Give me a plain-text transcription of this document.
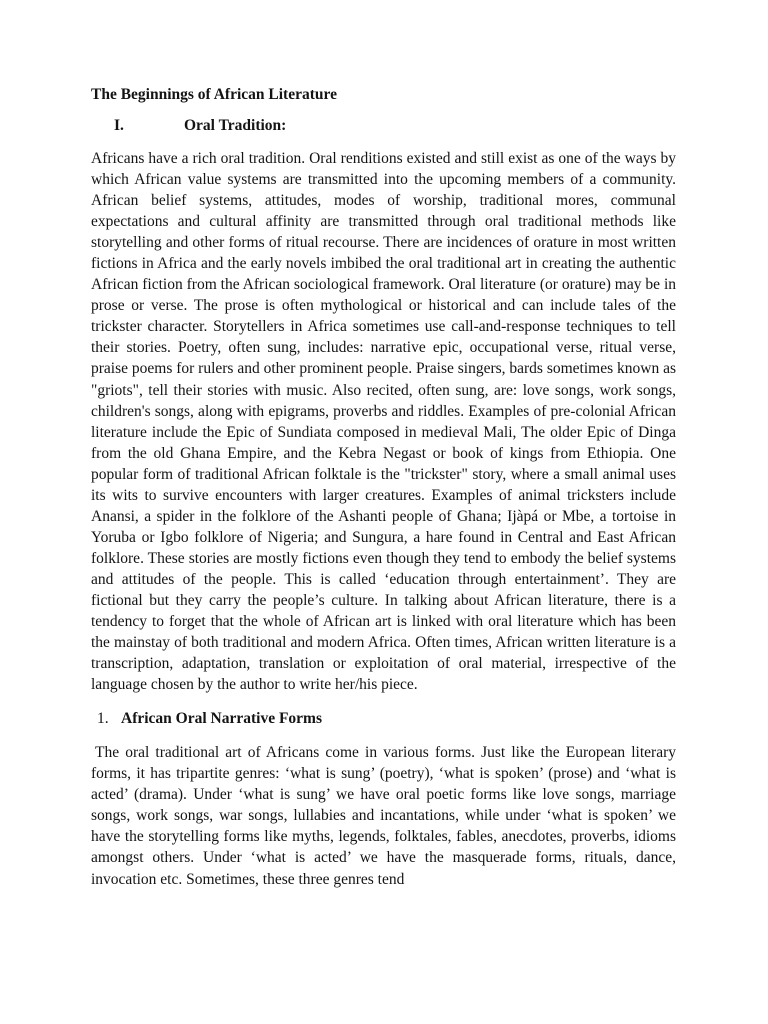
The Beginnings of African Literature
I.	Oral Tradition:

Africans have a rich oral tradition. Oral renditions existed and still exist as one of the ways by which African value systems are transmitted into the upcoming members of a community. African belief systems, attitudes, modes of worship, traditional mores, communal expectations and cultural affinity are transmitted through oral traditional methods like storytelling and other forms of ritual recourse. There are incidences of orature in most written fictions in Africa and the early novels imbibed the oral traditional art in creating the authentic African fiction from the African sociological framework. Oral literature (or orature) may be in prose or verse. The prose is often mythological or historical and can include tales of the trickster character. Storytellers in Africa sometimes use call-and-response techniques to tell their stories. Poetry, often sung, includes: narrative epic, occupational verse, ritual verse, praise poems for rulers and other prominent people. Praise singers, bards sometimes known as "griots", tell their stories with music. Also recited, often sung, are: love songs, work songs, children's songs, along with epigrams, proverbs and riddles. Examples of pre-colonial African literature include the Epic of Sundiata composed in medieval Mali, The older Epic of Dinga from the old Ghana Empire, and the Kebra Negast or book of kings from Ethiopia. One popular form of traditional African folktale is the "trickster" story, where a small animal uses its wits to survive encounters with larger creatures. Examples of animal tricksters include Anansi, a spider in the folklore of the Ashanti people of Ghana; Ijàpá or Mbe, a tortoise in Yoruba or Igbo folklore of Nigeria; and Sungura, a hare found in Central and East African folklore. These stories are mostly fictions even though they tend to embody the belief systems and attitudes of the people. This is called ‘education through entertainment’. They are fictional but they carry the people’s culture. In talking about African literature, there is a tendency to forget that the whole of African art is linked with oral literature which has been the mainstay of both traditional and modern Africa. Often times, African written literature is a transcription, adaptation, translation or exploitation of oral material, irrespective of the language chosen by the author to write her/his piece.

1. African Oral Narrative Forms

The oral traditional art of Africans come in various forms. Just like the European literary forms, it has tripartite genres: ‘what is sung’ (poetry), ‘what is spoken’ (prose) and ‘what is acted’ (drama). Under ‘what is sung’ we have oral poetic forms like love songs, marriage songs, work songs, war songs, lullabies and incantations, while under ‘what is spoken’ we have the storytelling forms like myths, legends, folktales, fables, anecdotes, proverbs, idioms amongst others. Under ‘what is acted’ we have the masquerade forms, rituals, dance, invocation etc. Sometimes, these three genres tend
